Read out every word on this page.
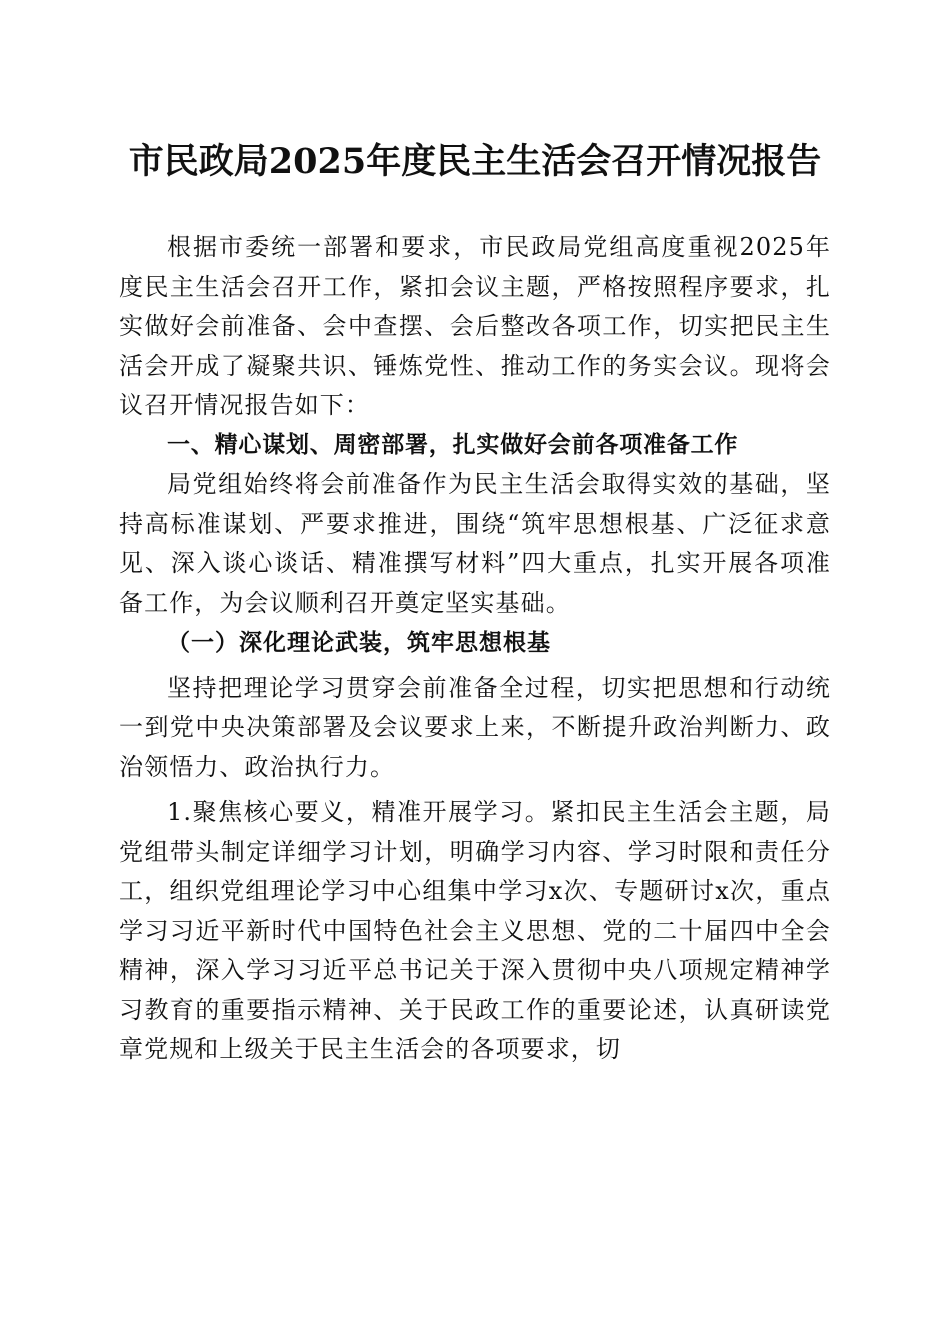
市民政局2025年度民主生活会召开情况报告

根据市委统一部署和要求，市民政局党组高度重视2025年度民主生活会召开工作，紧扣会议主题，严格按照程序要求，扎实做好会前准备、会中查摆、会后整改各项工作，切实把民主生活会开成了凝聚共识、锤炼党性、推动工作的务实会议。现将会议召开情况报告如下：

一、精心谋划、周密部署，扎实做好会前各项准备工作

局党组始终将会前准备作为民主生活会取得实效的基础，坚持高标准谋划、严要求推进，围绕“筑牢思想根基、广泛征求意见、深入谈心谈话、精准撰写材料”四大重点，扎实开展各项准备工作，为会议顺利召开奠定坚实基础。

（一）深化理论武装，筑牢思想根基

坚持把理论学习贯穿会前准备全过程，切实把思想和行动统一到党中央决策部署及会议要求上来，不断提升政治判断力、政治领悟力、政治执行力。

1.聚焦核心要义，精准开展学习。紧扣民主生活会主题，局党组带头制定详细学习计划，明确学习内容、学习时限和责任分工，组织党组理论学习中心组集中学习x次、专题研讨x次，重点学习习近平新时代中国特色社会主义思想、党的二十届四中全会精神，深入学习习近平总书记关于深入贯彻中央八项规定精神学习教育的重要指示精神、关于民政工作的重要论述，认真研读党章党规和上级关于民主生活会的各项要求，切
